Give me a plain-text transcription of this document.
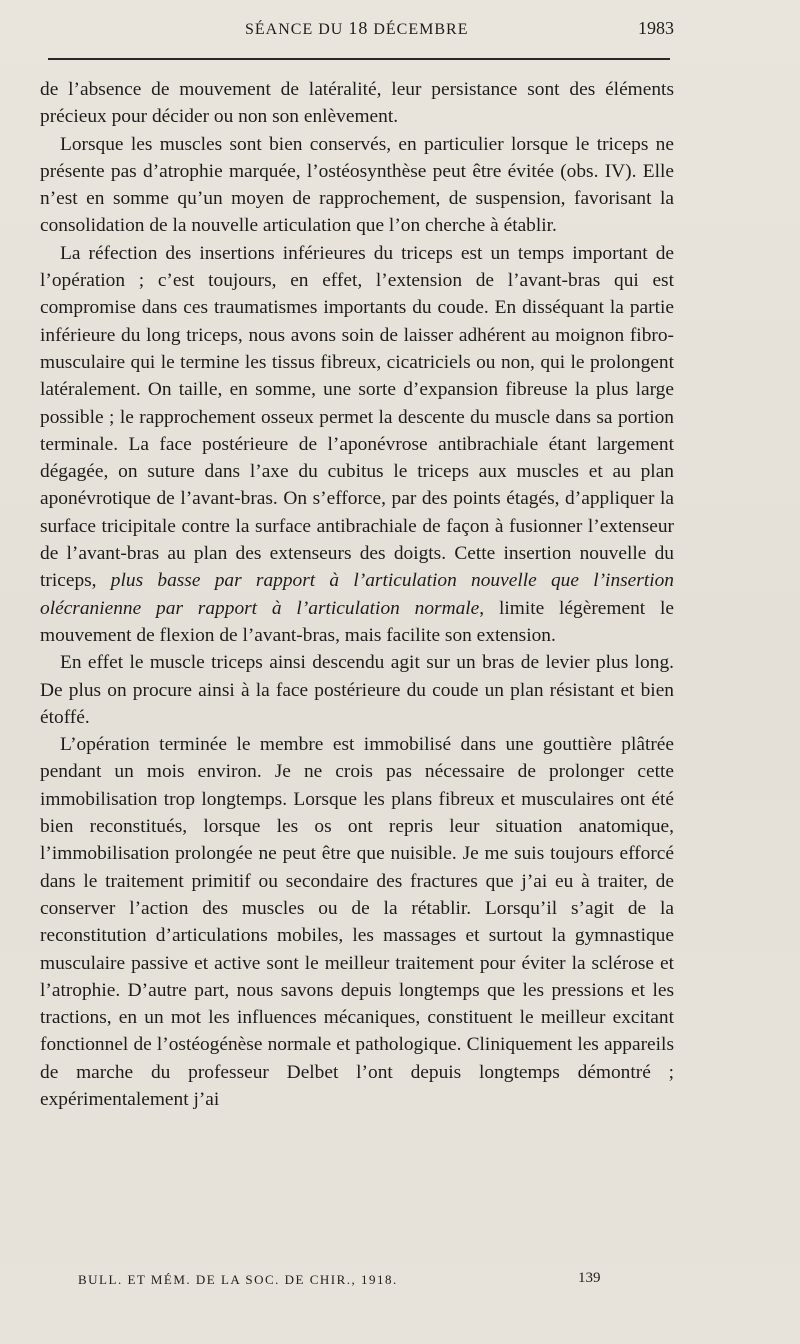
SÉANCE DU 18 DÉCEMBRE	1983

de l’absence de mouvement de latéralité, leur persistance sont des éléments précieux pour décider ou non son enlèvement.

Lorsque les muscles sont bien conservés, en particulier lorsque le triceps ne présente pas d’atrophie marquée, l’ostéosynthèse peut être évitée (obs. IV). Elle n’est en somme qu’un moyen de rapprochement, de suspension, favorisant la consolidation de la nouvelle articulation que l’on cherche à établir.

La réfection des insertions inférieures du triceps est un temps important de l’opération ; c’est toujours, en effet, l’extension de l’avant-bras qui est compromise dans ces traumatismes importants du coude. En disséquant la partie inférieure du long triceps, nous avons soin de laisser adhérent au moignon fibro-musculaire qui le termine les tissus fibreux, cicatriciels ou non, qui le prolongent latéralement. On taille, en somme, une sorte d’expansion fibreuse la plus large possible ; le rapprochement osseux permet la descente du muscle dans sa portion terminale. La face postérieure de l’aponévrose antibrachiale étant largement dégagée, on suture dans l’axe du cubitus le triceps aux muscles et au plan aponévrotique de l’avant-bras. On s’efforce, par des points étagés, d’appliquer la surface tricipitale contre la surface antibrachiale de façon à fusionner l’extenseur de l’avant-bras au plan des extenseurs des doigts. Cette insertion nouvelle du triceps, plus basse par rapport à l’articulation nouvelle que l’insertion olécranienne par rapport à l’articulation normale, limite légèrement le mouvement de flexion de l’avant-bras, mais facilite son extension.

En effet le muscle triceps ainsi descendu agit sur un bras de levier plus long. De plus on procure ainsi à la face postérieure du coude un plan résistant et bien étoffé.

L’opération terminée le membre est immobilisé dans une gouttière plâtrée pendant un mois environ. Je ne crois pas nécessaire de prolonger cette immobilisation trop longtemps. Lorsque les plans fibreux et musculaires ont été bien reconstitués, lorsque les os ont repris leur situation anatomique, l’immobilisation prolongée ne peut être que nuisible. Je me suis toujours efforcé dans le traitement primitif ou secondaire des fractures que j’ai eu à traiter, de conserver l’action des muscles ou de la rétablir. Lorsqu’il s’agit de la reconstitution d’articulations mobiles, les massages et surtout la gymnastique musculaire passive et active sont le meilleur traitement pour éviter la sclérose et l’atrophie. D’autre part, nous savons depuis longtemps que les pressions et les tractions, en un mot les influences mécaniques, constituent le meilleur excitant fonctionnel de l’ostéogénèse normale et pathologique. Cliniquement les appareils de marche du professeur Delbet l’ont depuis longtemps démontré ; expérimentalement j’ai

BULL. ET MÉM. DE LA SOC. DE CHIR., 1918.	139
